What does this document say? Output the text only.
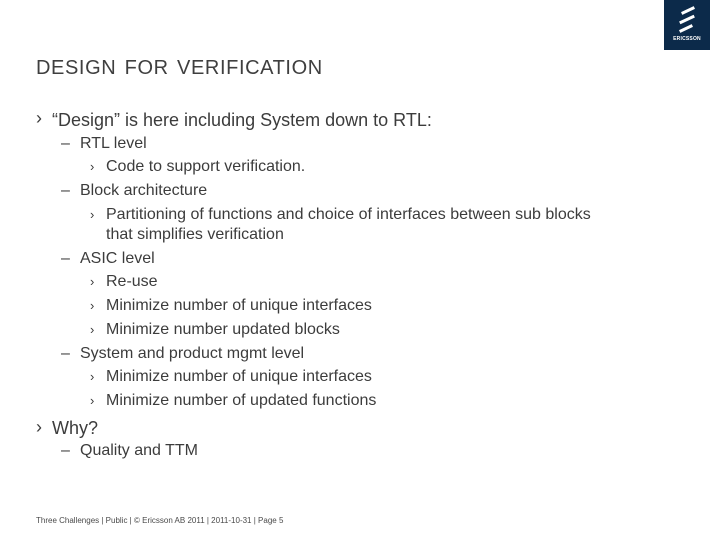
ERICSSON
design for verification
› “Design” is here including System down to RTL:
– RTL level
› Code to support verification.
– Block architecture
› Partitioning of functions and choice of interfaces between sub blocks
that simplifies verification
– ASIC level
› Re-use
› Minimize number of unique interfaces
› Minimize number updated blocks
– System and product mgmt level
› Minimize number of unique interfaces
› Minimize number of updated functions
› Why?
– Quality and TTM
Three Challenges | Public | © Ericsson AB 2011 | 2011-10-31 | Page 5
